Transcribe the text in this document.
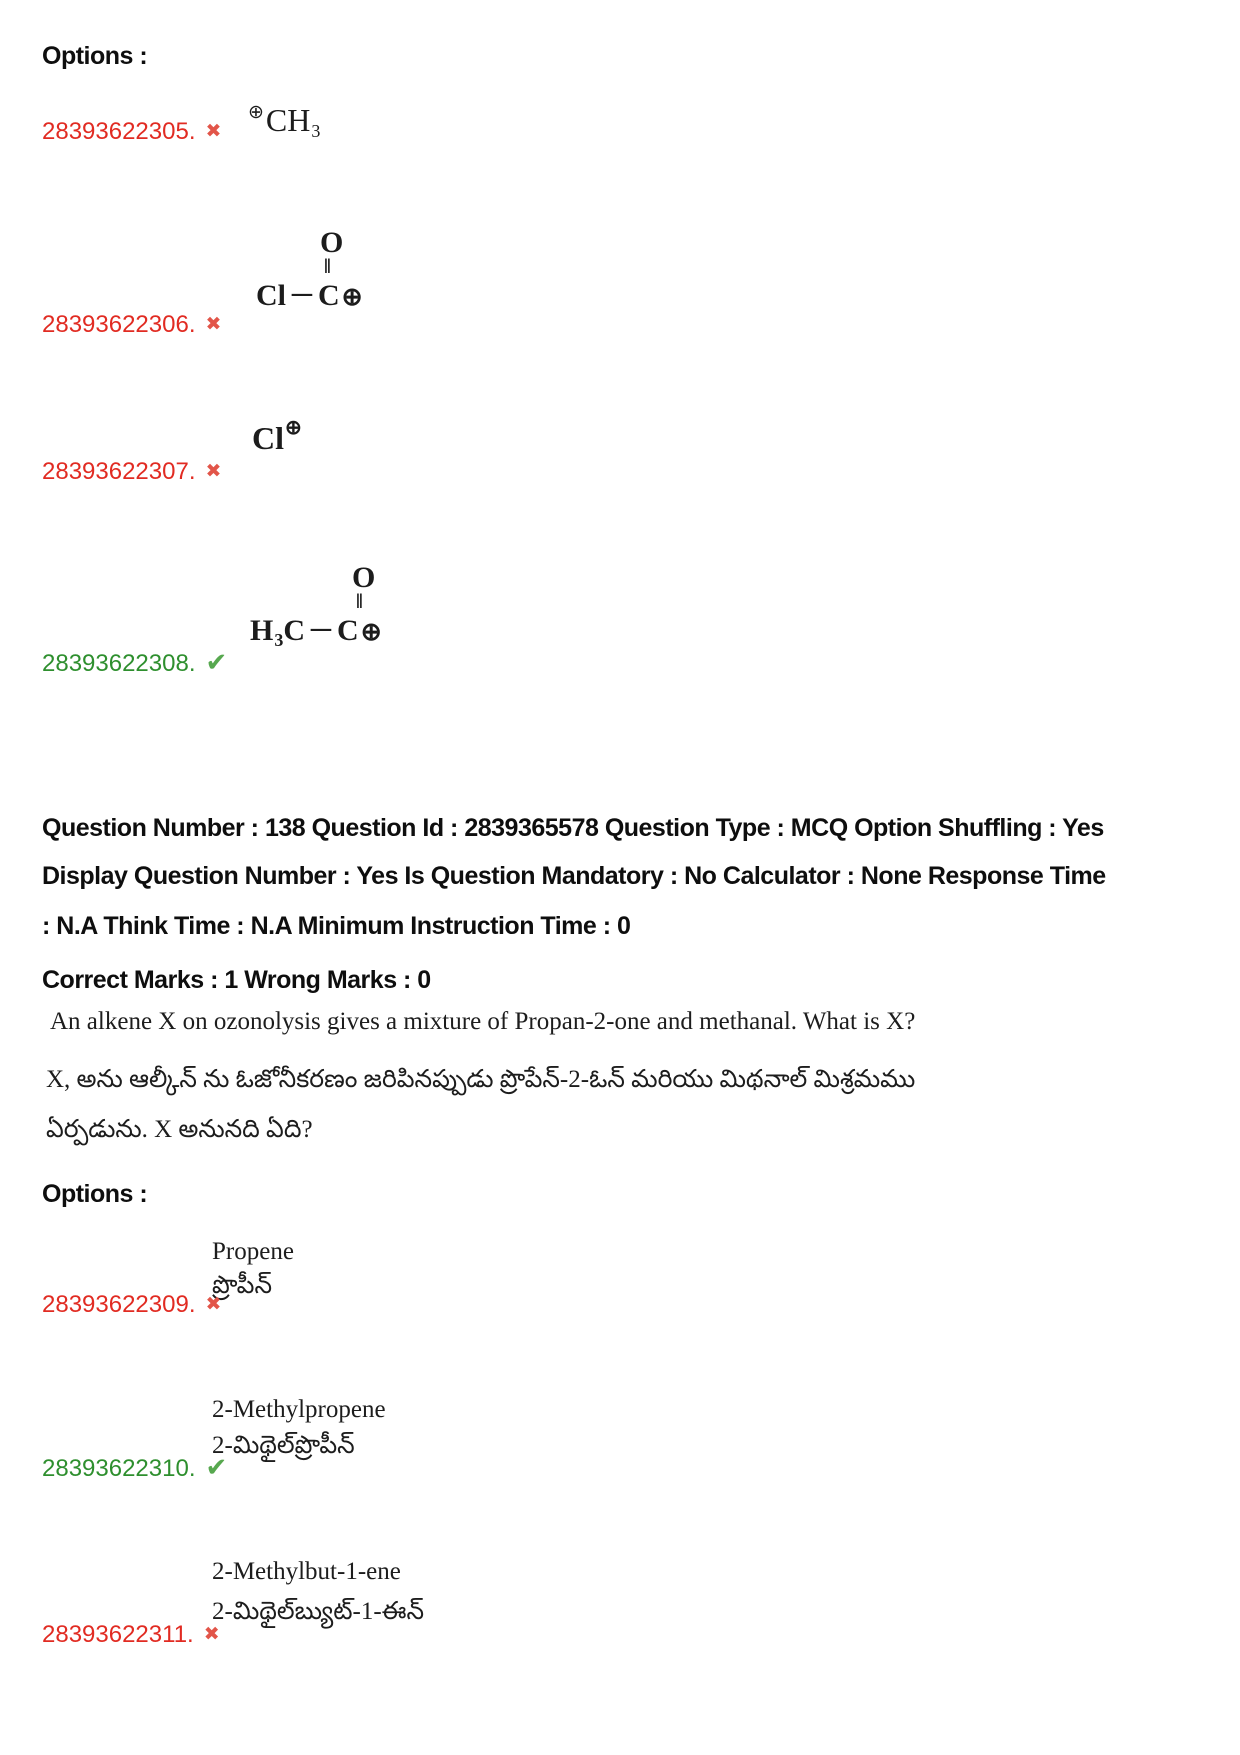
Options :
28393622305. ✖
⊕CH3
O
‖
Cl — C⊕
28393622306. ✖
Cl⊕
28393622307. ✖
O
‖
$H_3C$ — C⊕
28393622308. ✔
Question Number : 138 Question Id : 2839365578 Question Type : MCQ Option Shuffling : Yes
Display Question Number : Yes Is Question Mandatory : No Calculator : None Response Time
: N.A Think Time : N.A Minimum Instruction Time : 0
Correct Marks : 1 Wrong Marks : 0
An alkene X on ozonolysis gives a mixture of Propan-2-one and methanal. What is X?
X, అను ఆల్కీన్ ను ఓజోనీకరణం జరిపినప్పుడు ప్రొపేన్-2-ఓన్ మరియు మిథనాల్ మిశ్రమము
ఏర్పడును. X అనునది ఏది?
Options :
Propene
ప్రొపీన్
28393622309. ✖
2-Methylpropene
2-మిథైల్‌ప్రొపీన్
28393622310. ✔
2-Methylbut-1-ene
2-మిథైల్‌బ్యుట్-1-ఈన్
28393622311. ✖
